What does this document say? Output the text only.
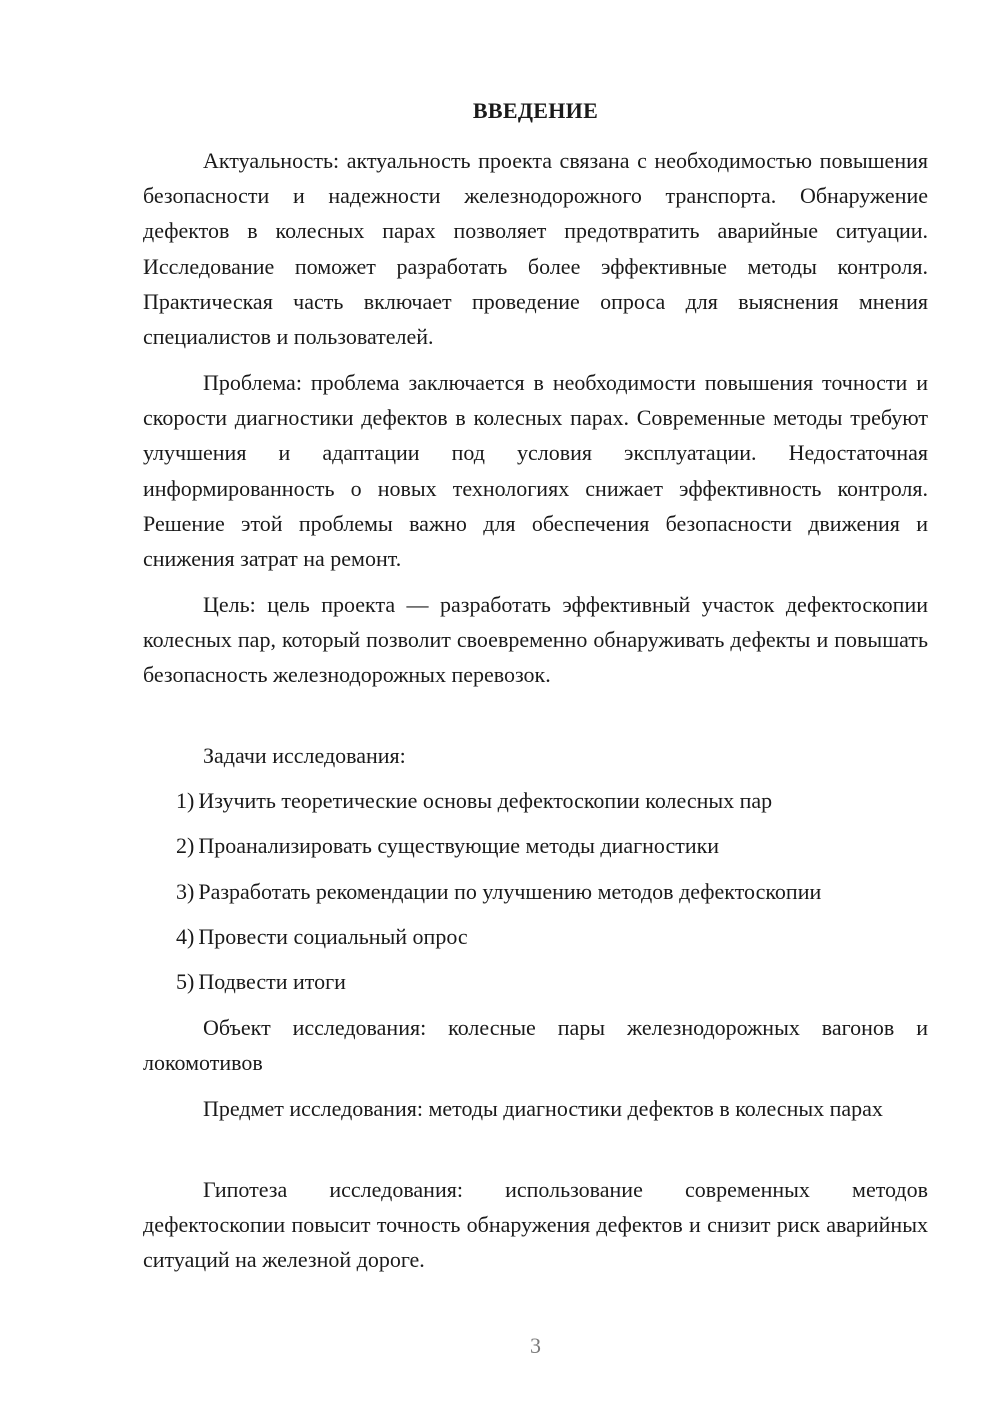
ВВЕДЕНИЕ

Актуальность: актуальность проекта связана с необходимостью повышения безопасности и надежности железнодорожного транспорта. Обнаружение дефектов в колесных парах позволяет предотвратить аварийные ситуации. Исследование поможет разработать более эффективные методы контроля. Практическая часть включает проведение опроса для выяснения мнения специалистов и пользователей.

Проблема: проблема заключается в необходимости повышения точности и скорости диагностики дефектов в колесных парах. Современные методы требуют улучшения и адаптации под условия эксплуатации. Недостаточная информированность о новых технологиях снижает эффективность контроля. Решение этой проблемы важно для обеспечения безопасности движения и снижения затрат на ремонт.

Цель: цель проекта — разработать эффективный участок дефектоскопии колесных пар, который позволит своевременно обнаруживать дефекты и повышать безопасность железнодорожных перевозок.

Задачи исследования:

1) Изучить теоретические основы дефектоскопии колесных пар

2) Проанализировать существующие методы диагностики

3) Разработать рекомендации по улучшению методов дефектоскопии

4) Провести социальный опрос

5) Подвести итоги

Объект исследования: колесные пары железнодорожных вагонов и локомотивов

Предмет исследования: методы диагностики дефектов в колесных парах

Гипотеза исследования: использование современных методов дефектоскопии повысит точность обнаружения дефектов и снизит риск аварийных ситуаций на железной дороге.

3
